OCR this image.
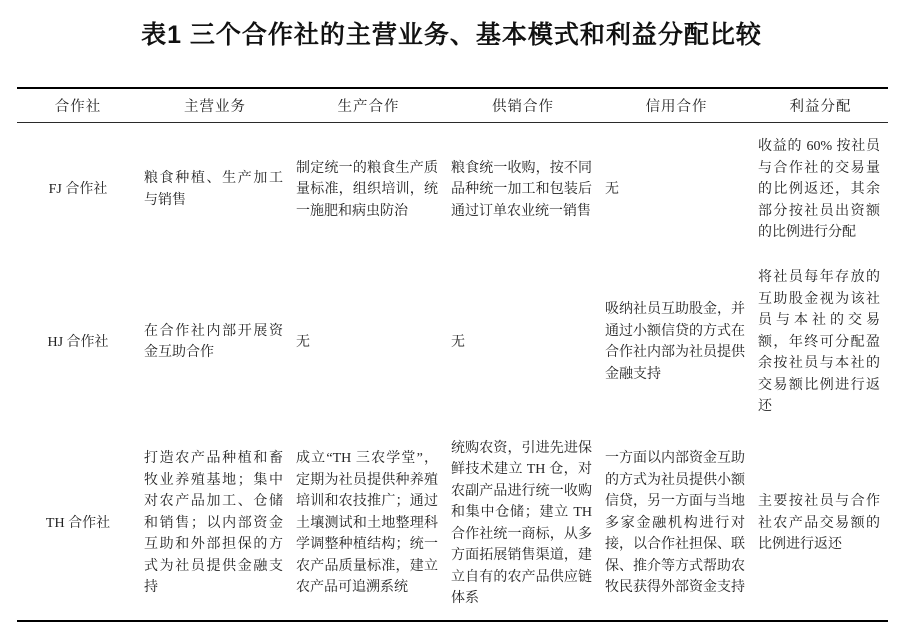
表1 三个合作社的主营业务、基本模式和利益分配比较
合作社	主营业务	生产合作	供销合作	信用合作	利益分配
FJ 合作社	粮食种植、生产加工与销售	制定统一的粮食生产质量标准，组织培训，统一施肥和病虫防治	粮食统一收购，按不同品种统一加工和包装后通过订单农业统一销售	无	收益的 60% 按社员与合作社的交易量的比例返还，其余部分按社员出资额的比例进行分配
HJ 合作社	在合作社内部开展资金互助合作	无	无	吸纳社员互助股金，并通过小额信贷的方式在合作社内部为社员提供金融支持	将社员每年存放的互助股金视为该社员与本社的交易额，年终可分配盈余按社员与本社的交易额比例进行返还
TH 合作社	打造农产品种植和畜牧业养殖基地；集中对农产品加工、仓储和销售；以内部资金互助和外部担保的方式为社员提供金融支持	成立“TH 三农学堂”，定期为社员提供种养殖培训和农技推广；通过土壤测试和土地整理科学调整种植结构；统一农产品质量标准，建立农产品可追溯系统	统购农资，引进先进保鲜技术建立 TH 仓，对农副产品进行统一收购和集中仓储；建立 TH 合作社统一商标，从多方面拓展销售渠道，建立自有的农产品供应链体系	一方面以内部资金互助的方式为社员提供小额信贷，另一方面与当地多家金融机构进行对接，以合作社担保、联保、推介等方式帮助农牧民获得外部资金支持	主要按社员与合作社农产品交易额的比例进行返还
